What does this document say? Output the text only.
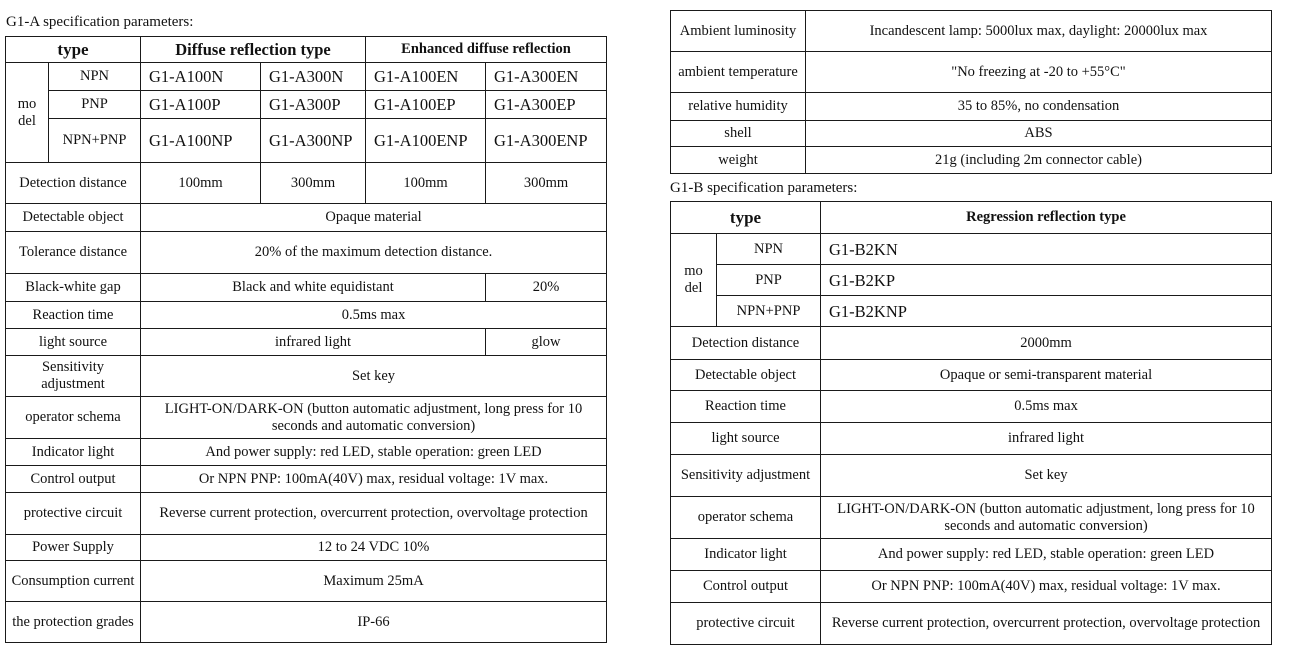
G1-A specification parameters:
type		Diffuse reflection type		Enhanced diffuse reflection	
mo del	NPN	G1-A100N	G1-A300N	G1-A100EN	G1-A300EN
	PNP	G1-A100P	G1-A300P	G1-A100EP	G1-A300EP
	NPN+PNP	G1-A100NP	G1-A300NP	G1-A100ENP	G1-A300ENP
Detection distance		100mm	300mm	100mm	300mm
Detectable object		Opaque material			
Tolerance distance		20% of the maximum detection distance.			
Black-white gap		Black and white equidistant			20%
Reaction time		0.5ms max			
light source		infrared light			glow
Sensitivity adjustment		Set key			
operator schema		LIGHT-ON/DARK-ON (button automatic adjustment, long press for 10 seconds and automatic conversion)			
Indicator light		And power supply: red LED, stable operation: green LED			
Control output		Or NPN PNP: 100mA(40V) max, residual voltage: 1V max.			
protective circuit		Reverse current protection, overcurrent protection, overvoltage protection			
Power Supply		12 to 24 VDC 10%			
Consumption current		Maximum 25mA			
the protection grades		IP-66			
Ambient luminosity	Incandescent lamp: 5000lux max, daylight: 20000lux max
ambient temperature	"No freezing at -20 to +55°C"
relative humidity	35 to 85%, no condensation
shell	ABS
weight	21g (including 2m connector cable)
G1-B specification parameters:
type		Regression reflection type
mo del	NPN	G1-B2KN
	PNP	G1-B2KP
	NPN+PNP	G1-B2KNP
Detection distance		2000mm
Detectable object		Opaque or semi-transparent material
Reaction time		0.5ms max
light source		infrared light
Sensitivity adjustment		Set key
operator schema		LIGHT-ON/DARK-ON (button automatic adjustment, long press for 10 seconds and automatic conversion)
Indicator light		And power supply: red LED, stable operation: green LED
Control output		Or NPN PNP: 100mA(40V) max, residual voltage: 1V max.
protective circuit		Reverse current protection, overcurrent protection, overvoltage protection
